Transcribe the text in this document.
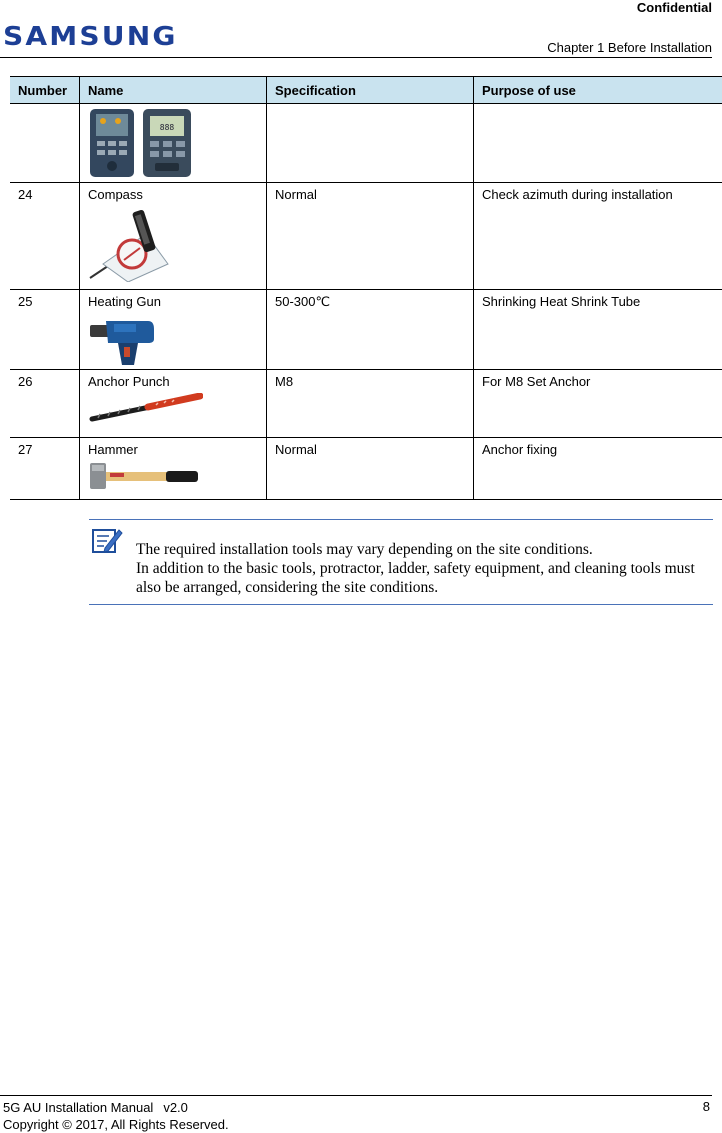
Confidential
SAMSUNG	Chapter 1 Before Installation
Number	Name	Specification	Purpose of use

888		

24	Compass	Normal	Check azimuth during installation
25	Heating Gun	50-300℃	Shrinking Heat Shrink Tube
26	Anchor Punch	M8	For M8 Set Anchor
27	Hammer	Normal	Anchor fixing
The required installation tools may vary depending on the site conditions.
In addition to the basic tools, protractor, ladder, safety equipment, and cleaning tools must also be arranged, considering the site conditions.
5G AU Installation Manual v2.0
Copyright © 2017, All Rights Reserved.
8
